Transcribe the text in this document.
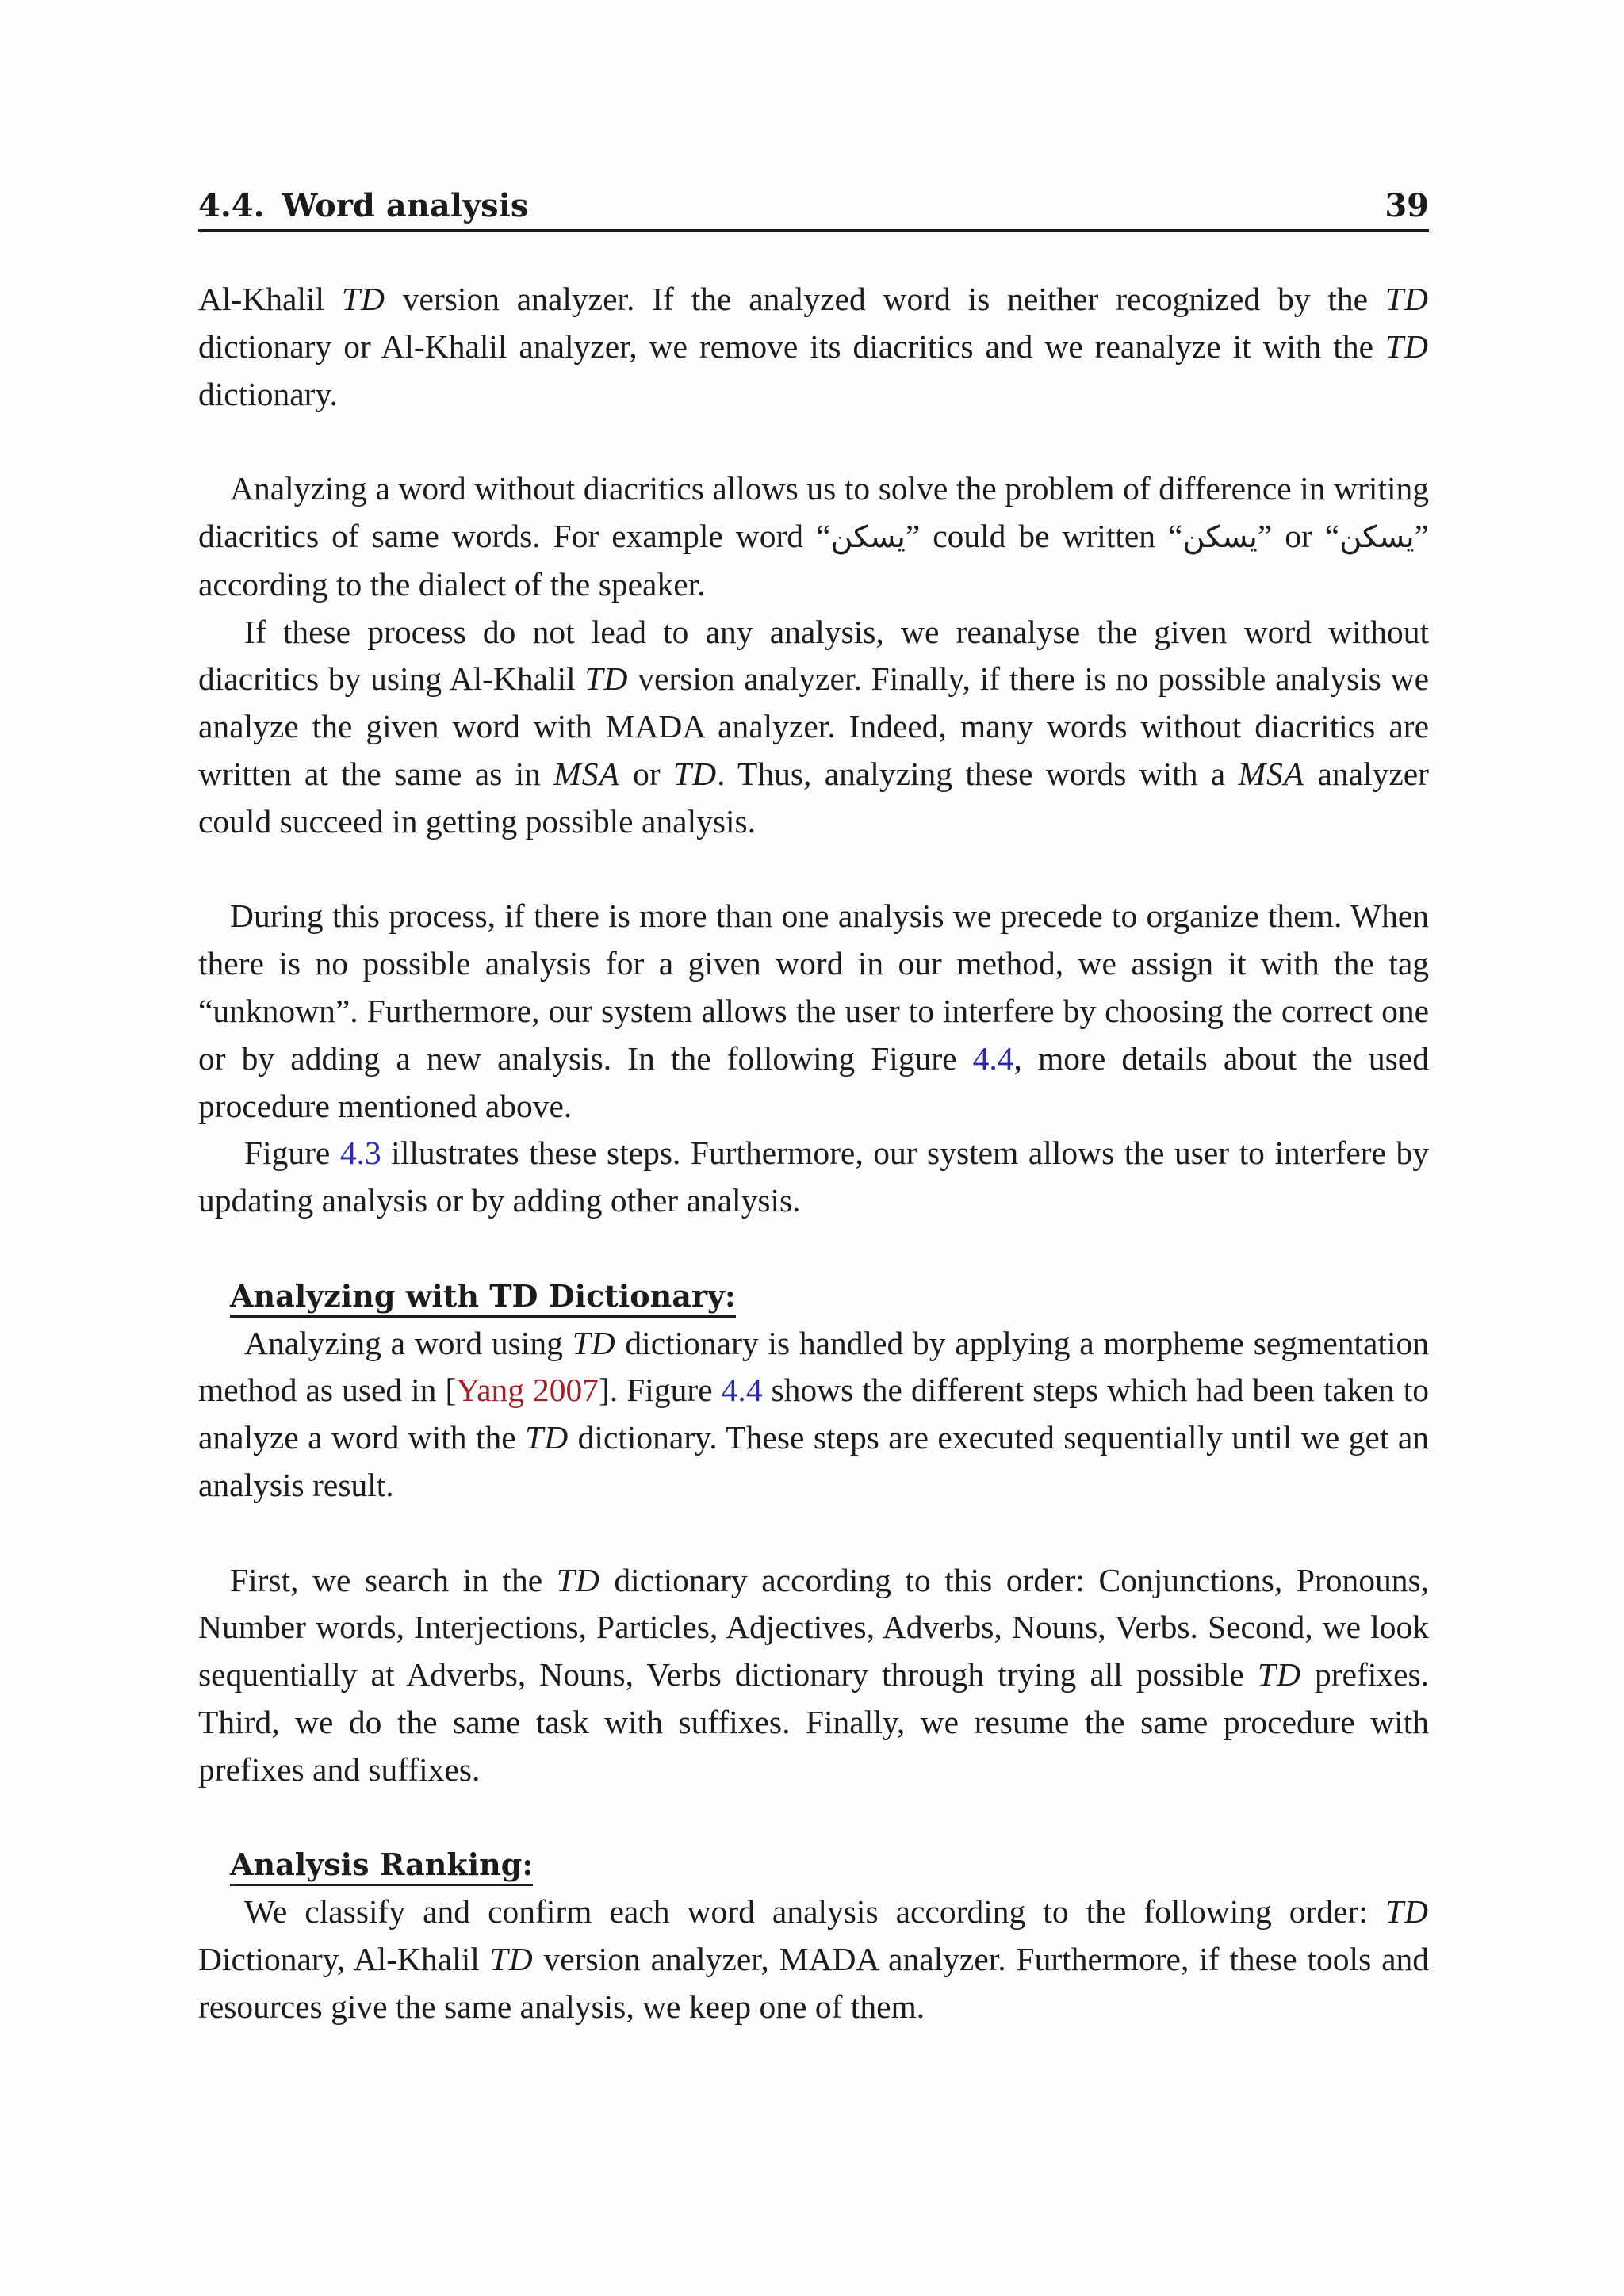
4.4. Word analysis	39

Al-Khalil TD version analyzer. If the analyzed word is neither recognized by the TD dictionary or Al-Khalil analyzer, we remove its diacritics and we reanalyze it with the TD dictionary.

Analyzing a word without diacritics allows us to solve the problem of difference in writing diacritics of same words. For example word “يسكن” could be written “يسكن” or “يسكن” according to the dialect of the speaker.

If these process do not lead to any analysis, we reanalyse the given word without diacritics by using Al-Khalil TD version analyzer. Finally, if there is no possible analysis we analyze the given word with MADA analyzer. Indeed, many words without diacritics are written at the same as in MSA or TD. Thus, analyzing these words with a MSA analyzer could succeed in getting possible analysis.

During this process, if there is more than one analysis we precede to organize them. When there is no possible analysis for a given word in our method, we assign it with the tag “unknown”. Furthermore, our system allows the user to interfere by choosing the correct one or by adding a new analysis. In the following Figure 4.4, more details about the used procedure mentioned above.

Figure 4.3 illustrates these steps. Furthermore, our system allows the user to interfere by updating analysis or by adding other analysis.

Analyzing with TD Dictionary:

Analyzing a word using TD dictionary is handled by applying a morpheme segmentation method as used in [Yang 2007]. Figure 4.4 shows the different steps which had been taken to analyze a word with the TD dictionary. These steps are executed sequentially until we get an analysis result.

First, we search in the TD dictionary according to this order: Conjunctions, Pronouns, Number words, Interjections, Particles, Adjectives, Adverbs, Nouns, Verbs. Second, we look sequentially at Adverbs, Nouns, Verbs dictionary through trying all possible TD prefixes. Third, we do the same task with suffixes. Finally, we resume the same procedure with prefixes and suffixes.

Analysis Ranking:

We classify and confirm each word analysis according to the following order: TD Dictionary, Al-Khalil TD version analyzer, MADA analyzer. Furthermore, if these tools and resources give the same analysis, we keep one of them.
